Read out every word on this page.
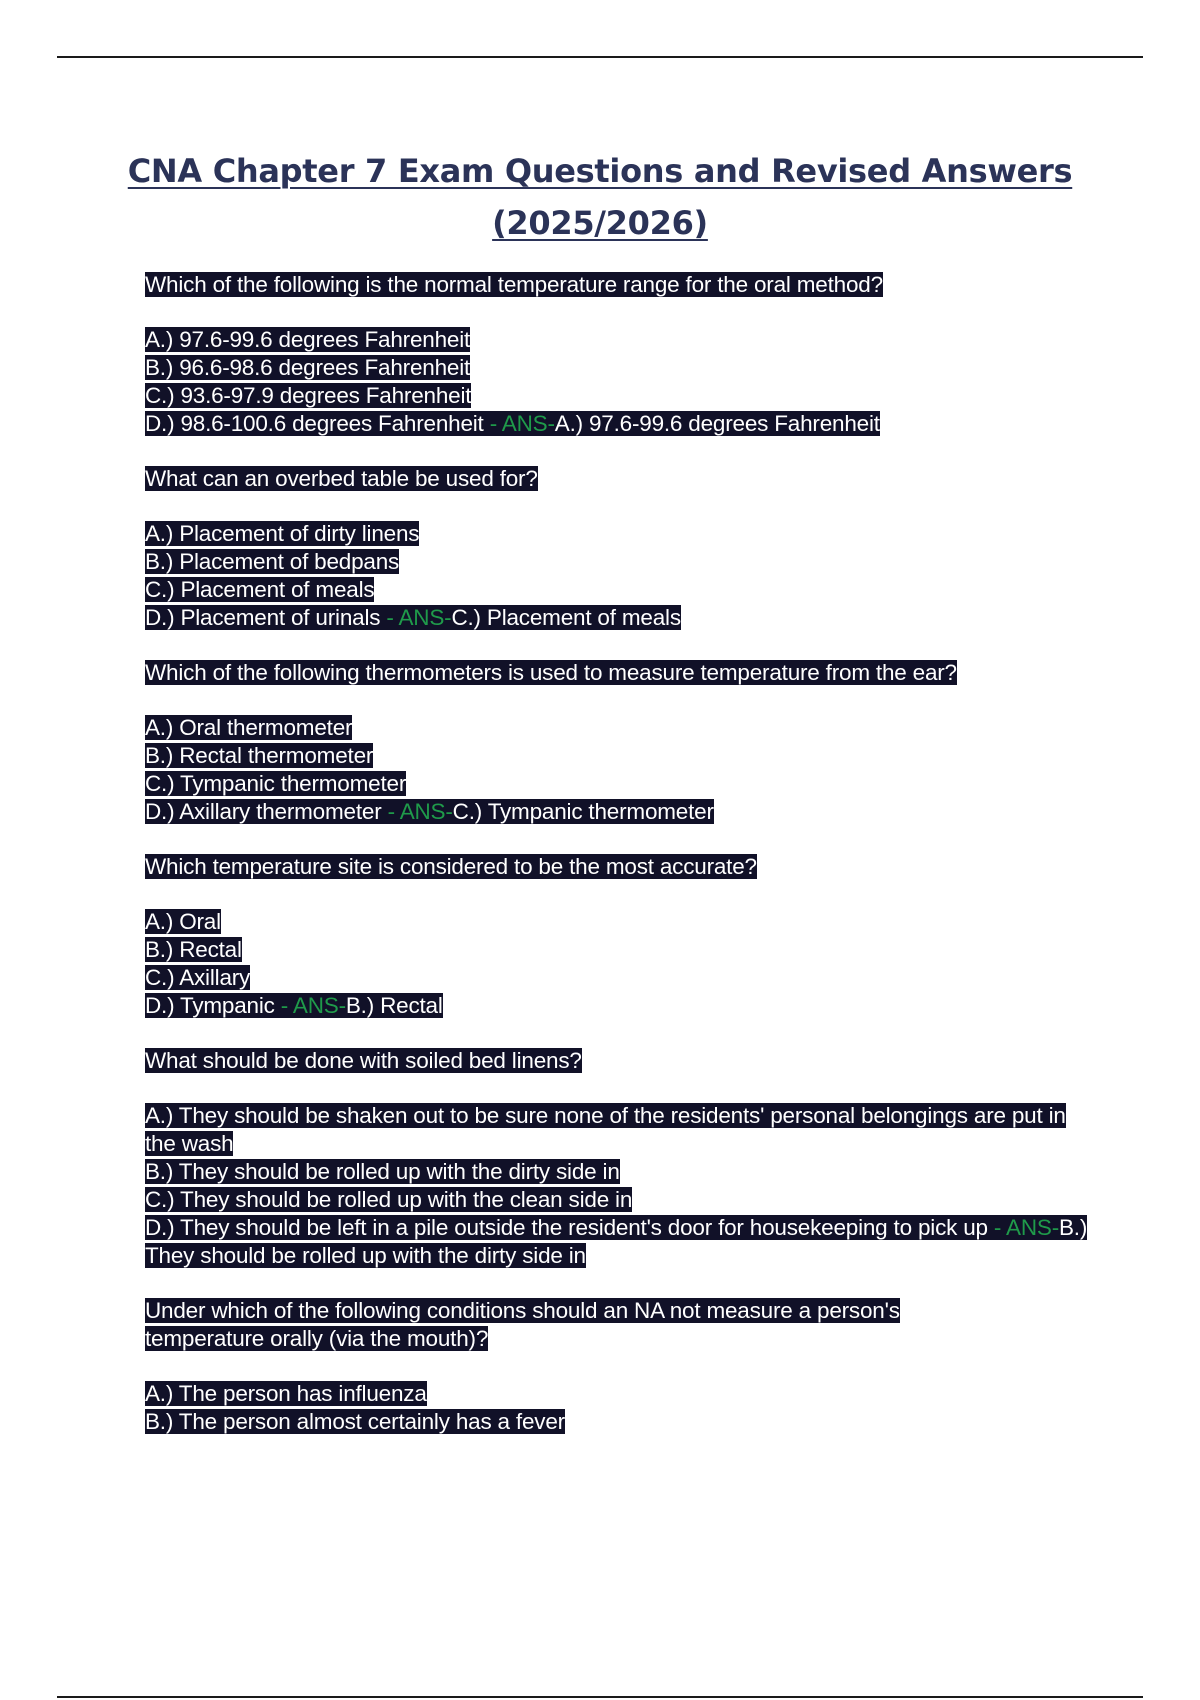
CNA Chapter 7 Exam Questions and Revised Answers
(2025/2026)
Which of the following is the normal temperature range for the oral method?
A.) 97.6-99.6 degrees Fahrenheit
B.) 96.6-98.6 degrees Fahrenheit
C.) 93.6-97.9 degrees Fahrenheit
D.) 98.6-100.6 degrees Fahrenheit - ANS-A.) 97.6-99.6 degrees Fahrenheit
What can an overbed table be used for?
A.) Placement of dirty linens
B.) Placement of bedpans
C.) Placement of meals
D.) Placement of urinals - ANS-C.) Placement of meals
Which of the following thermometers is used to measure temperature from the ear?
A.) Oral thermometer
B.) Rectal thermometer
C.) Tympanic thermometer
D.) Axillary thermometer - ANS-C.) Tympanic thermometer
Which temperature site is considered to be the most accurate?
A.) Oral
B.) Rectal
C.) Axillary
D.) Tympanic - ANS-B.) Rectal
What should be done with soiled bed linens?
A.) They should be shaken out to be sure none of the residents' personal belongings are put in the wash
B.) They should be rolled up with the dirty side in
C.) They should be rolled up with the clean side in
D.) They should be left in a pile outside the resident's door for housekeeping to pick up - ANS-B.) They should be rolled up with the dirty side in
Under which of the following conditions should an NA not measure a person's temperature orally (via the mouth)?
A.) The person has influenza
B.) The person almost certainly has a fever
